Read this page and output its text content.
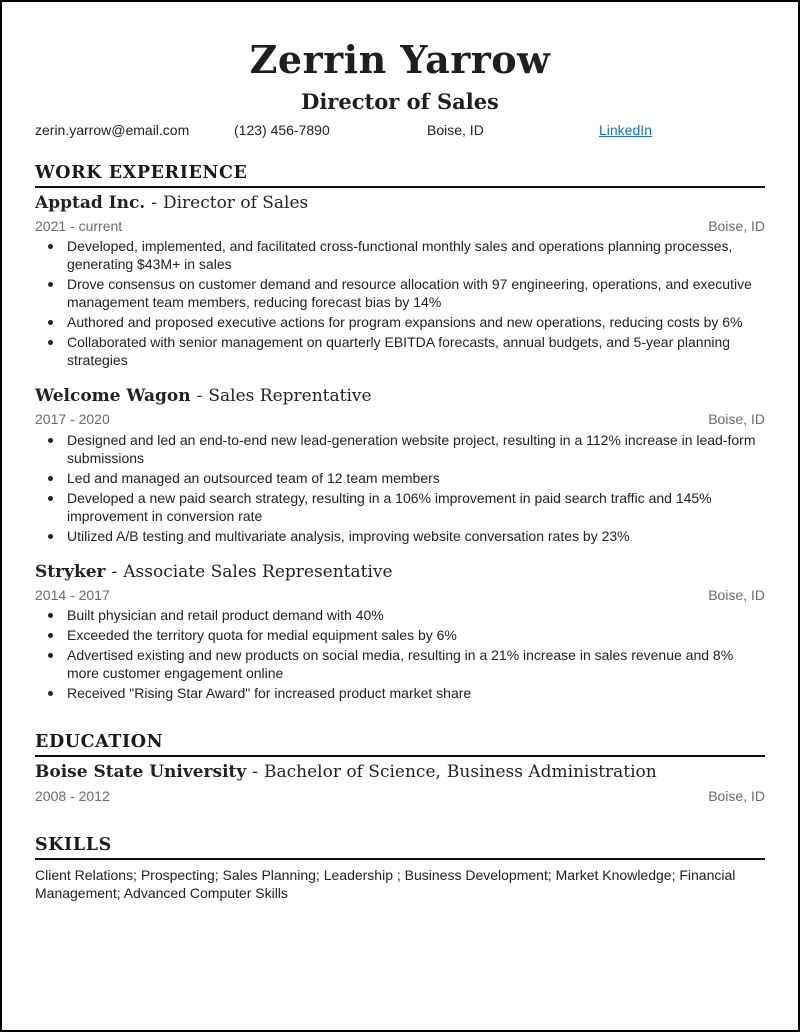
Zerrin Yarrow
Director of Sales
zerin.yarrow@email.com	(123) 456-7890	Boise, ID	LinkedIn
WORK EXPERIENCE
Apptad Inc. - Director of Sales
2021 - current	Boise, ID
Developed, implemented, and facilitated cross-functional monthly sales and operations planning processes, generating $43M+ in sales
Drove consensus on customer demand and resource allocation with 97 engineering, operations, and executive management team members, reducing forecast bias by 14%
Authored and proposed executive actions for program expansions and new operations, reducing costs by 6%
Collaborated with senior management on quarterly EBITDA forecasts, annual budgets, and 5-year planning strategies
Welcome Wagon - Sales Reprentative
2017 - 2020	Boise, ID
Designed and led an end-to-end new lead-generation website project, resulting in a 112% increase in lead-form submissions
Led and managed an outsourced team of 12 team members
Developed a new paid search strategy, resulting in a 106% improvement in paid search traffic and 145% improvement in conversion rate
Utilized A/B testing and multivariate analysis, improving website conversation rates by 23%
Stryker - Associate Sales Representative
2014 - 2017	Boise, ID
Built physician and retail product demand with 40%
Exceeded the territory quota for medial equipment sales by 6%
Advertised existing and new products on social media, resulting in a 21% increase in sales revenue and 8% more customer engagement online
Received "Rising Star Award" for increased product market share
EDUCATION
Boise State University - Bachelor of Science, Business Administration
2008 - 2012	Boise, ID
SKILLS
Client Relations; Prospecting; Sales Planning; Leadership ; Business Development; Market Knowledge; Financial Management; Advanced Computer Skills
